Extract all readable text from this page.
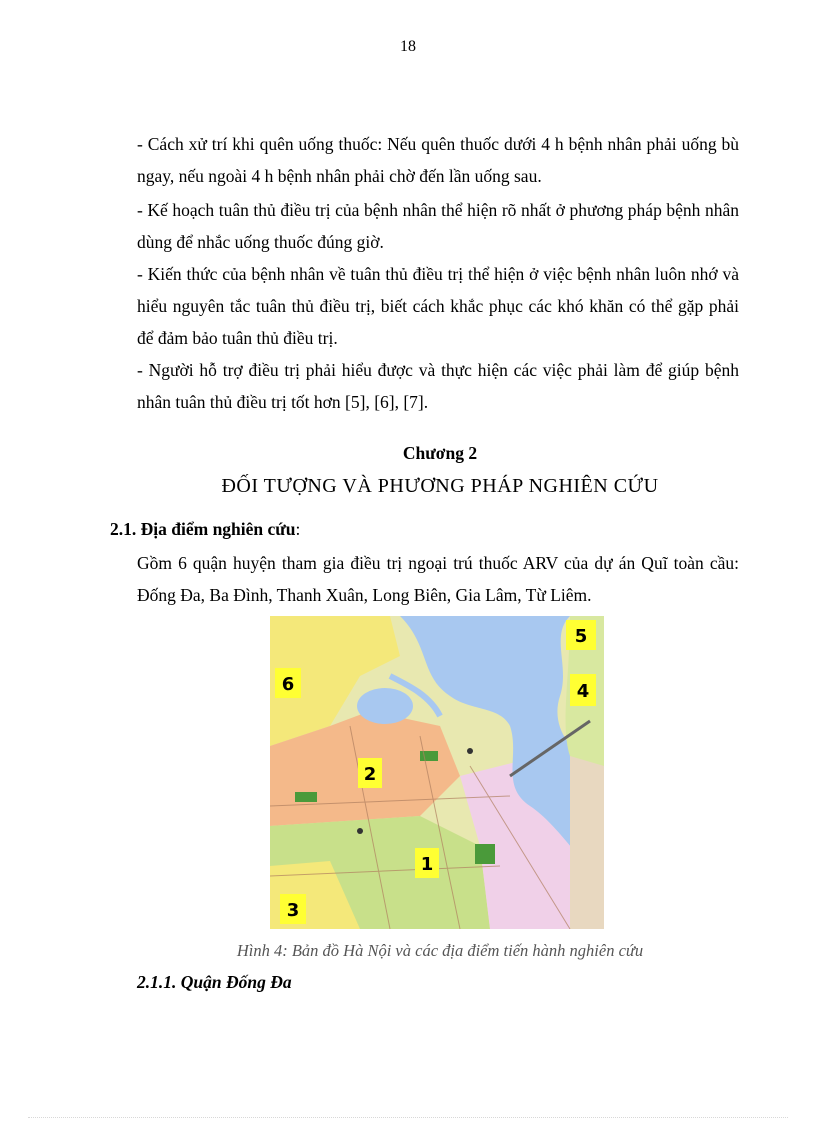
18

- Cách xử trí khi quên uống thuốc: Nếu quên thuốc dưới 4 h bệnh nhân phải uống bù ngay, nếu ngoài 4 h bệnh nhân phải chờ đến lần uống sau.

- Kế hoạch tuân thủ điều trị của bệnh nhân thể hiện rõ nhất ở phương pháp bệnh nhân dùng để nhắc uống thuốc đúng giờ.

- Kiến thức của bệnh nhân về tuân thủ điều trị thể hiện ở việc bệnh nhân luôn nhớ và hiểu nguyên tắc tuân thủ điều trị, biết cách khắc phục các khó khăn có thể gặp phải để đảm bảo tuân thủ điều trị.

- Người hỗ trợ điều trị phải hiểu được và thực hiện các việc phải làm để giúp bệnh nhân tuân thủ điều trị tốt hơn [5], [6], [7].

Chương 2
ĐỐI TƯỢNG VÀ PHƯƠNG PHÁP NGHIÊN CỨU
2.1. Địa điểm nghiên cứu:

Gồm 6 quận huyện tham gia điều trị ngoại trú thuốc ARV của dự án Quĩ toàn cầu: Đống Đa, Ba Đình, Thanh Xuân, Long Biên, Gia Lâm, Từ Liêm.

1
2
3
4
5
6
Hình 4: Bản đồ Hà Nội và các địa điểm tiến hành nghiên cứu
2.1.1. Quận Đống Đa
